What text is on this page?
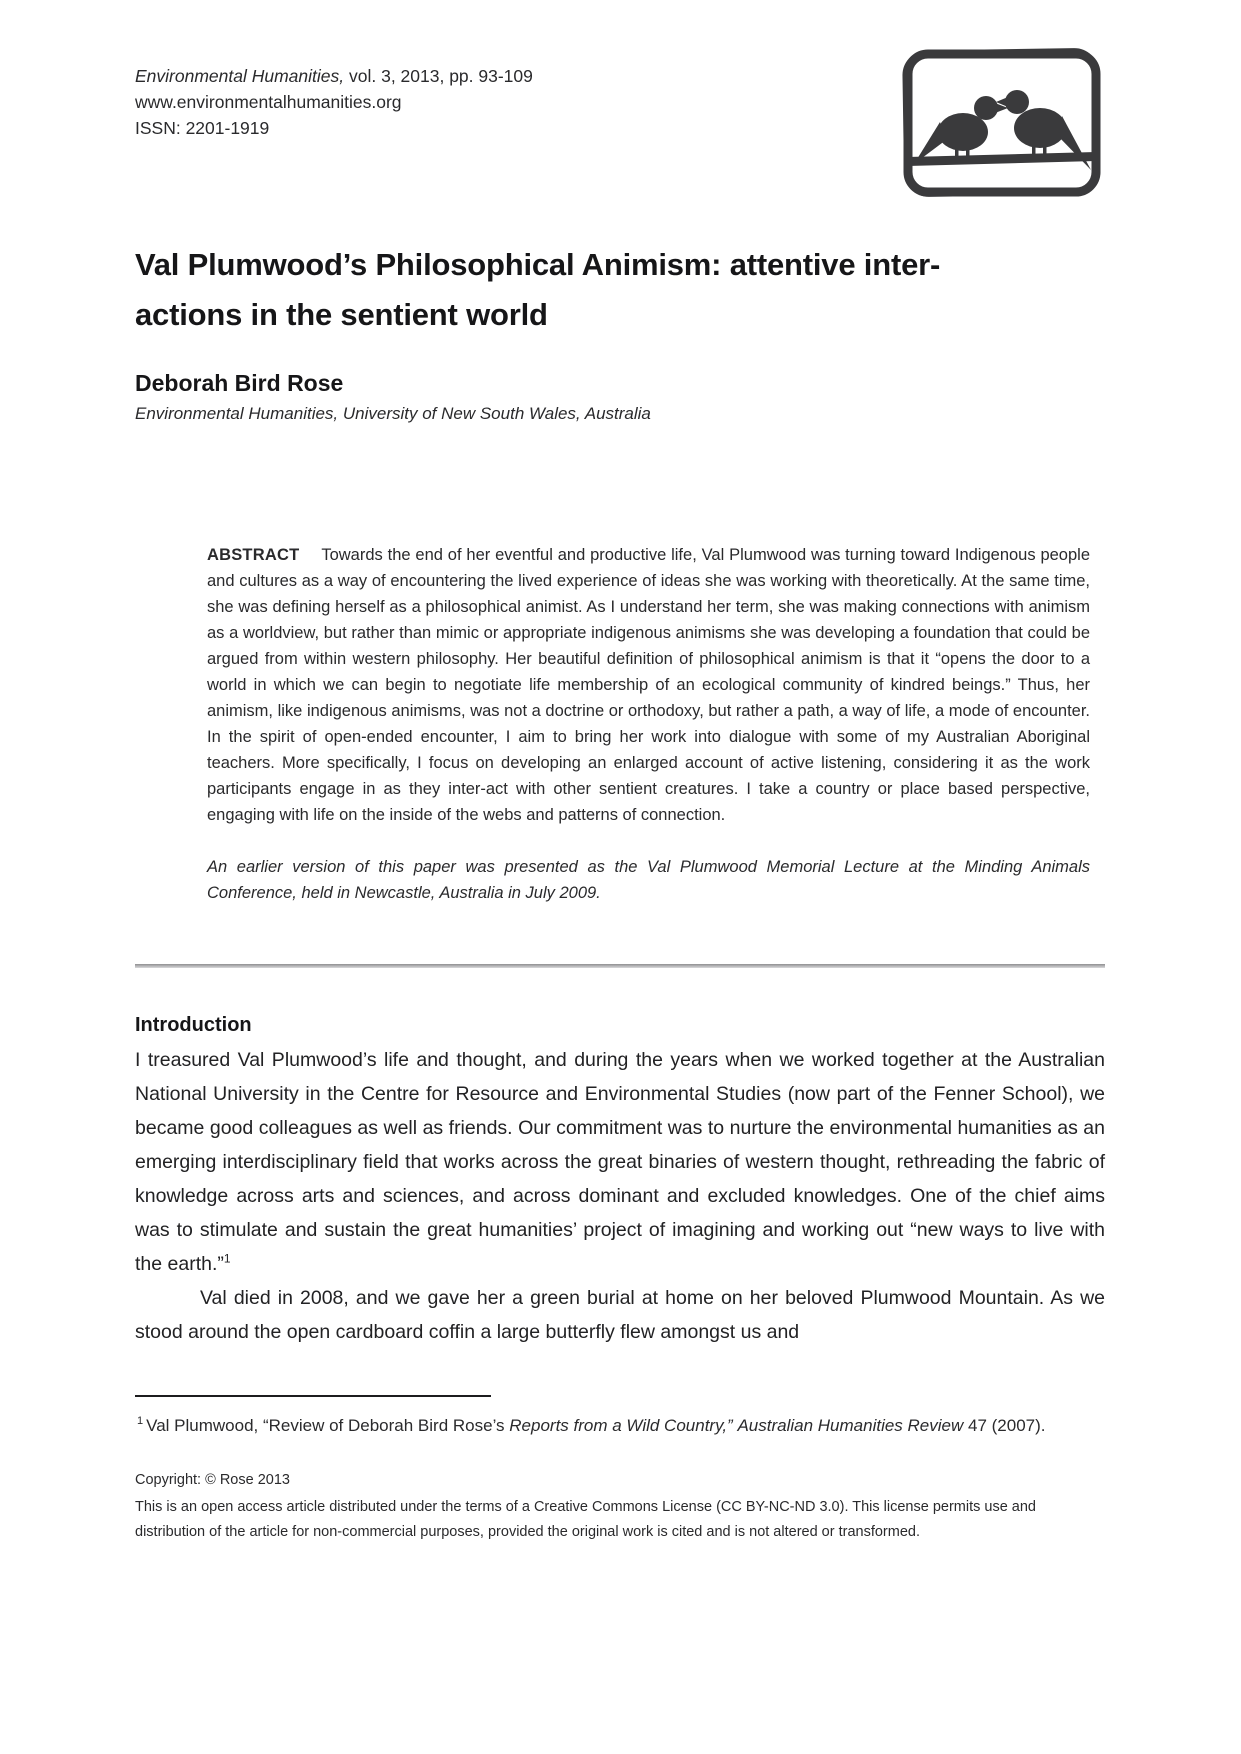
Environmental Humanities, vol. 3, 2013, pp. 93-109
www.environmentalhumanities.org
ISSN: 2201-1919
Val Plumwood’s Philosophical Animism: attentive inter-
actions in the sentient world
Deborah Bird Rose
Environmental Humanities, University of New South Wales, Australia
ABSTRACT Towards the end of her eventful and productive life, Val Plumwood was turning toward Indigenous people and cultures as a way of encountering the lived experience of ideas she was working with theoretically. At the same time, she was defining herself as a philosophical animist. As I understand her term, she was making connections with animism as a worldview, but rather than mimic or appropriate indigenous animisms she was developing a foundation that could be argued from within western philosophy. Her beautiful definition of philosophical animism is that it “opens the door to a world in which we can begin to negotiate life membership of an ecological community of kindred beings.” Thus, her animism, like indigenous animisms, was not a doctrine or orthodoxy, but rather a path, a way of life, a mode of encounter. In the spirit of open-ended encounter, I aim to bring her work into dialogue with some of my Australian Aboriginal teachers. More specifically, I focus on developing an enlarged account of active listening, considering it as the work participants engage in as they inter-act with other sentient creatures. I take a country or place based perspective, engaging with life on the inside of the webs and patterns of connection.
An earlier version of this paper was presented as the Val Plumwood Memorial Lecture at the Minding Animals Conference, held in Newcastle, Australia in July 2009.
Introduction

I treasured Val Plumwood’s life and thought, and during the years when we worked together at the Australian National University in the Centre for Resource and Environmental Studies (now part of the Fenner School), we became good colleagues as well as friends. Our commitment was to nurture the environmental humanities as an emerging interdisciplinary field that works across the great binaries of western thought, rethreading the fabric of knowledge across arts and sciences, and across dominant and excluded knowledges. One of the chief aims was to stimulate and sustain the great humanities’ project of imagining and working out “new ways to live with the earth.”$^1$

Val died in 2008, and we gave her a green burial at home on her beloved Plumwood Mountain. As we stood around the open cardboard coffin a large butterfly flew amongst us and

$^1$ Val Plumwood, “Review of Deborah Bird Rose’s Reports from a Wild Country,” Australian Humanities Review 47 (2007).
Copyright: © Rose 2013
This is an open access article distributed under the terms of a Creative Commons License (CC BY-NC-ND 3.0). This license permits use and distribution of the article for non-commercial purposes, provided the original work is cited and is not altered or transformed.
